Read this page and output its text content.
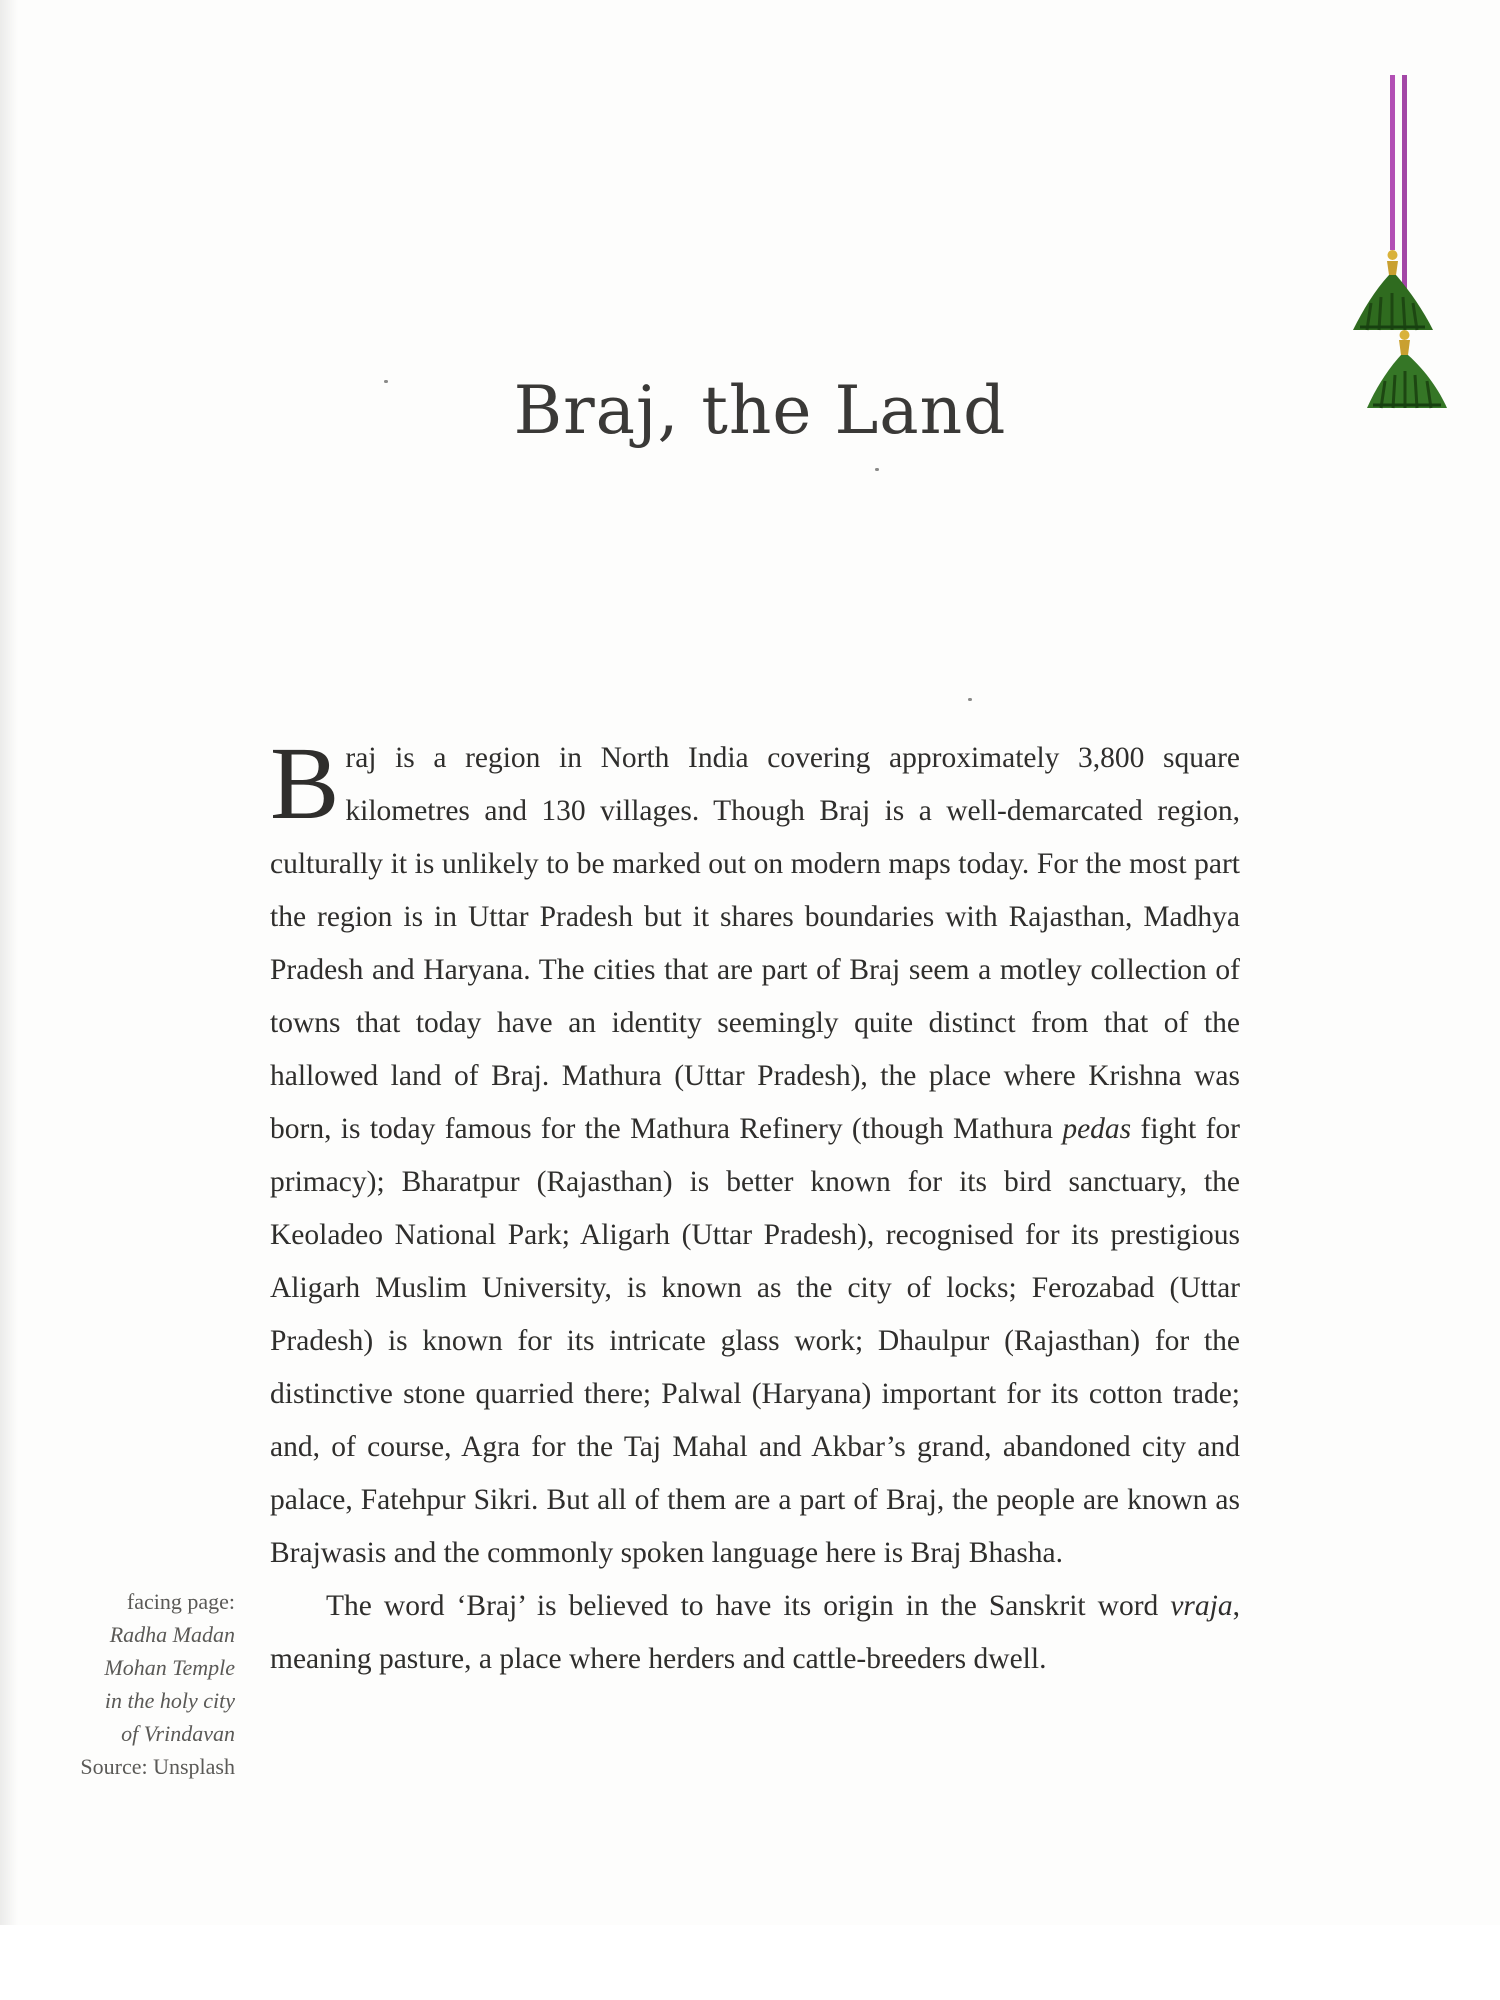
Braj, the Land

Braj is a region in North India covering approximately 3,800 square kilometres and 130 villages. Though Braj is a well-demarcated region, culturally it is unlikely to be marked out on modern maps today. For the most part the region is in Uttar Pradesh but it shares boundaries with Rajasthan, Madhya Pradesh and Haryana. The cities that are part of Braj seem a motley collection of towns that today have an identity seemingly quite distinct from that of the hallowed land of Braj. Mathura (Uttar Pradesh), the place where Krishna was born, is today famous for the Mathura Refinery (though Mathura pedas fight for primacy); Bharatpur (Rajasthan) is better known for its bird sanctuary, the Keoladeo National Park; Aligarh (Uttar Pradesh), recognised for its prestigious Aligarh Muslim University, is known as the city of locks; Ferozabad (Uttar Pradesh) is known for its intricate glass work; Dhaulpur (Rajasthan) for the distinctive stone quarried there; Palwal (Haryana) important for its cotton trade; and, of course, Agra for the Taj Mahal and Akbar’s grand, abandoned city and palace, Fatehpur Sikri. But all of them are a part of Braj, the people are known as Brajwasis and the commonly spoken language here is Braj Bhasha.

The word ‘Braj’ is believed to have its origin in the Sanskrit word vraja, meaning pasture, a place where herders and cattle-breeders dwell.

facing page:
Radha Madan
Mohan Temple
in the holy city
of Vrindavan
Source: Unsplash
